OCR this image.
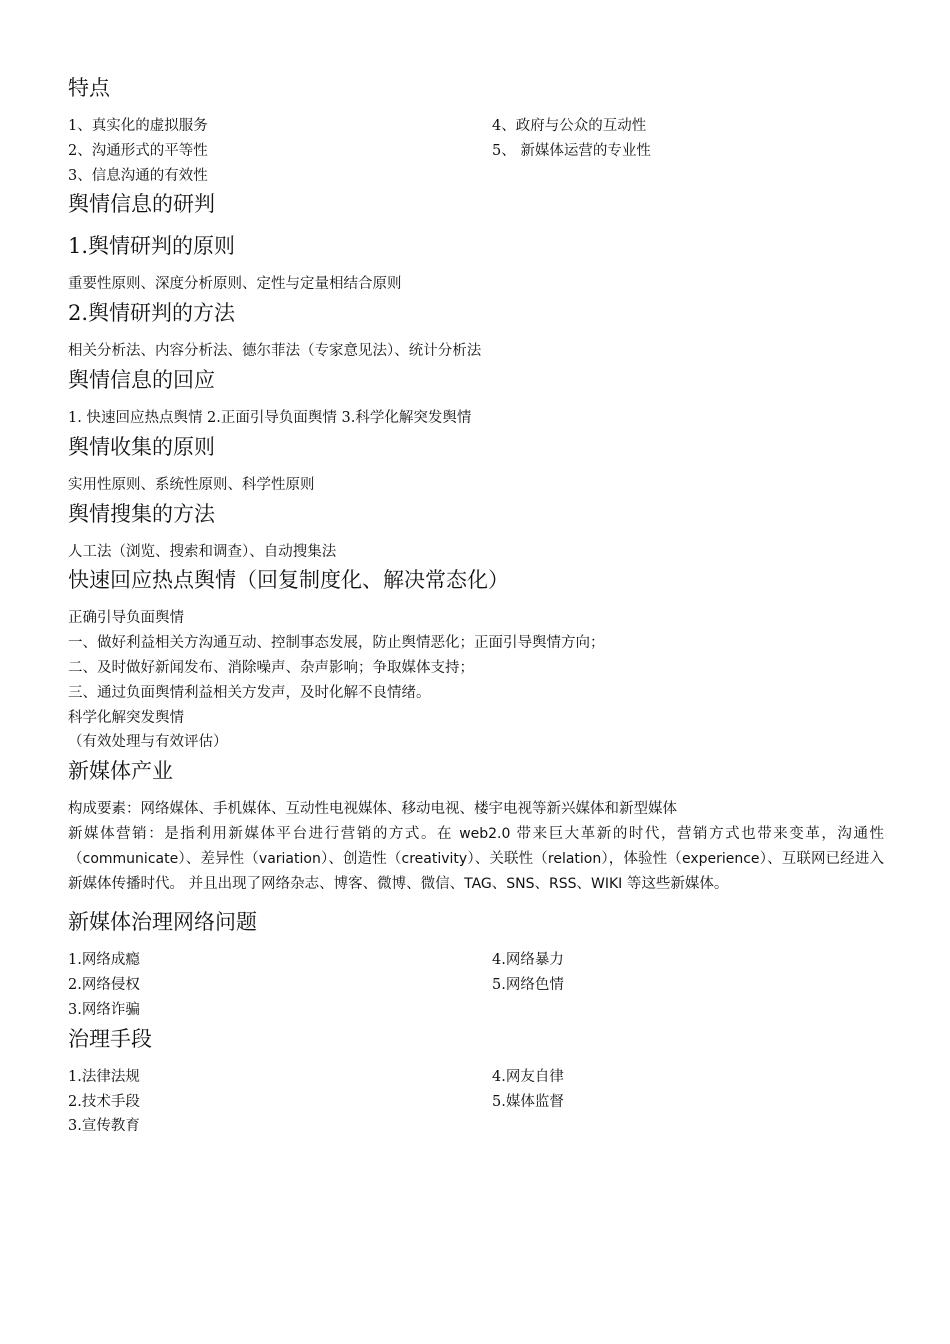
特点
1、真实化的虚拟服务
2、沟通形式的平等性
3、信息沟通的有效性
4、政府与公众的互动性
5、 新媒体运营的专业性
舆情信息的研判
1.舆情研判的原则

重要性原则、深度分析原则、定性与定量相结合原则

2.舆情研判的方法

相关分析法、内容分析法、德尔菲法（专家意见法）、统计分析法

舆情信息的回应

1. 快速回应热点舆情 2.正面引导负面舆情 3.科学化解突发舆情

舆情收集的原则

实用性原则、系统性原则、科学性原则

舆情搜集的方法

人工法（浏览、搜索和调查）、自动搜集法

快速回应热点舆情（回复制度化、解决常态化）
正确引导负面舆情
一、做好利益相关方沟通互动、控制事态发展，防止舆情恶化；正面引导舆情方向；
二、及时做好新闻发布、消除噪声、杂声影响；争取媒体支持；
三、通过负面舆情利益相关方发声，及时化解不良情绪。
科学化解突发舆情
（有效处理与有效评估）
新媒体产业

构成要素：网络媒体、手机媒体、互动性电视媒体、移动电视、楼宇电视等新兴媒体和新型媒体

新媒体营销：是指利用新媒体平台进行营销的方式。在 web2.0 带来巨大革新的时代，营销方式也带来变革，沟通性（communicate）、差异性（variation）、创造性（creativity）、关联性（relation），体验性（experience）、互联网已经进入新媒体传播时代。 并且出现了网络杂志、博客、微博、微信、TAG、SNS、RSS、WIKI 等这些新媒体。

新媒体治理网络问题
1.网络成瘾
2.网络侵权
3.网络诈骗
4.网络暴力
5.网络色情
治理手段
1.法律法规
2.技术手段
3.宣传教育
4.网友自律
5.媒体监督
